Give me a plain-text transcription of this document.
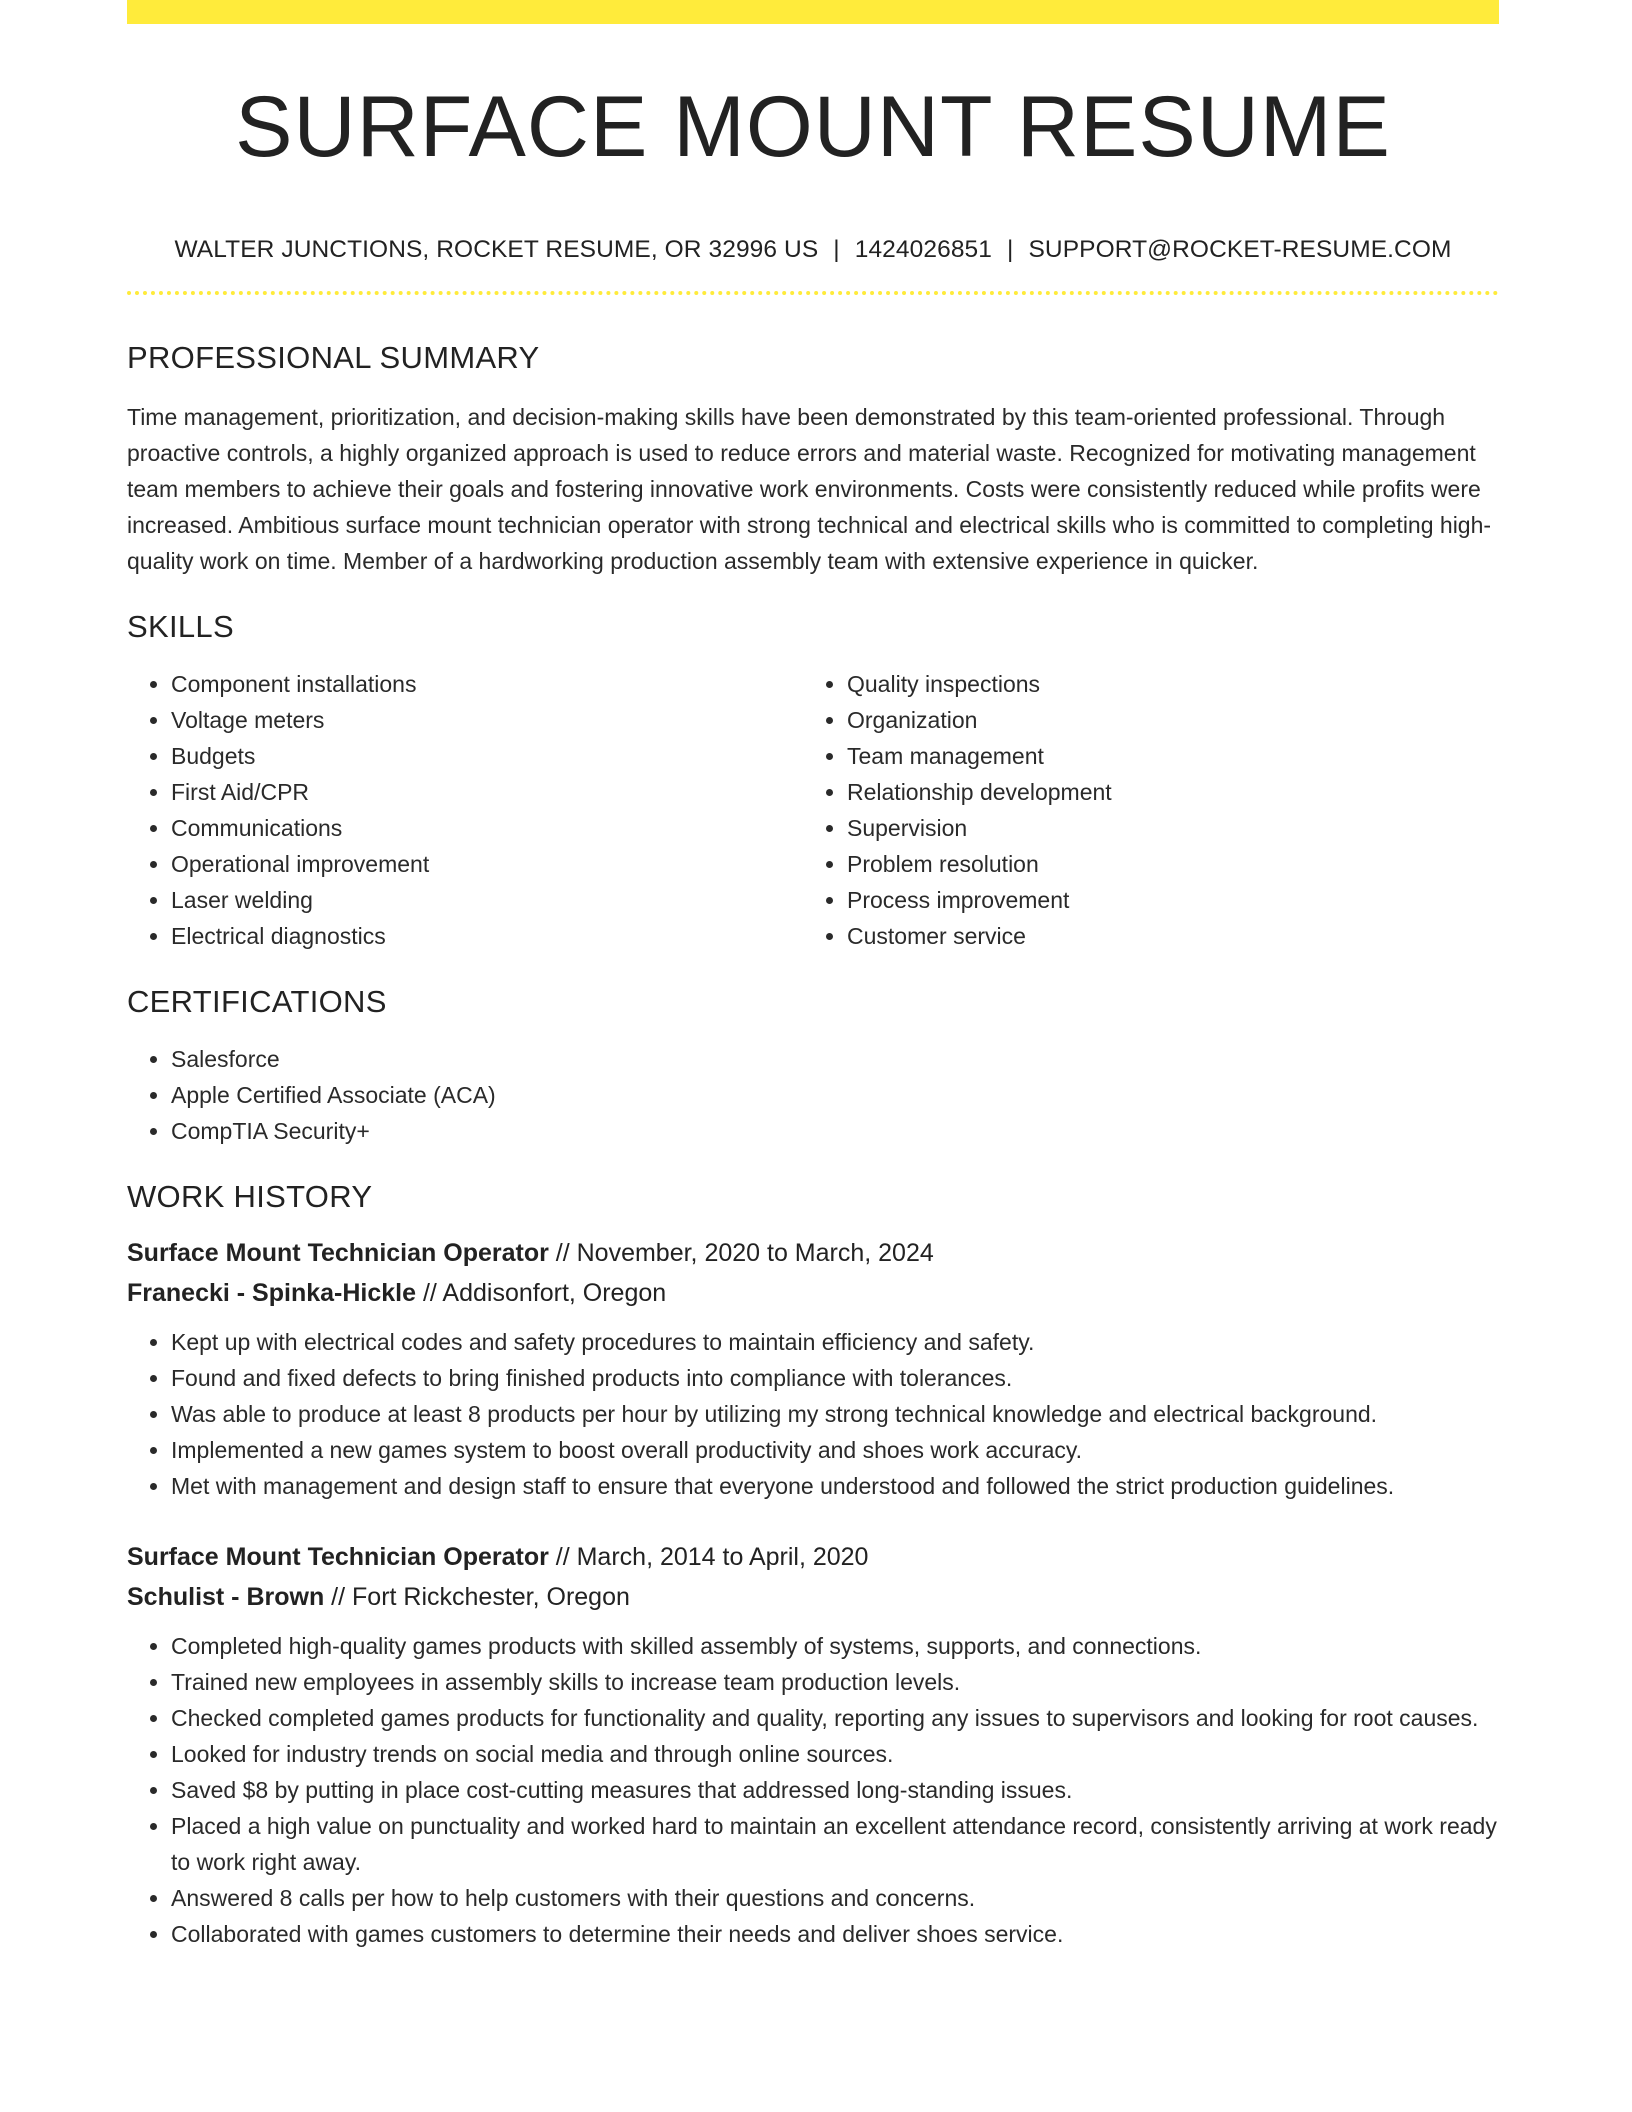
SURFACE MOUNT RESUME
WALTER JUNCTIONS, ROCKET RESUME, OR 32996 US | 1424026851 | SUPPORT@ROCKET-RESUME.COM
PROFESSIONAL SUMMARY

Time management, prioritization, and decision-making skills have been demonstrated by this team-oriented professional. Through proactive controls, a highly organized approach is used to reduce errors and material waste. Recognized for motivating management team members to achieve their goals and fostering innovative work environments. Costs were consistently reduced while profits were increased. Ambitious surface mount technician operator with strong technical and electrical skills who is committed to completing high-quality work on time. Member of a hardworking production assembly team with extensive experience in quicker.

SKILLS
• Component installations
• Voltage meters
• Budgets
• First Aid/CPR
• Communications
• Operational improvement
• Laser welding
• Electrical diagnostics
• Quality inspections
• Organization
• Team management
• Relationship development
• Supervision
• Problem resolution
• Process improvement
• Customer service
CERTIFICATIONS
• Salesforce
• Apple Certified Associate (ACA)
• CompTIA Security+
WORK HISTORY
Surface Mount Technician Operator // November, 2020 to March, 2024
Franecki - Spinka-Hickle // Addisonfort, Oregon
• Kept up with electrical codes and safety procedures to maintain efficiency and safety.
• Found and fixed defects to bring finished products into compliance with tolerances.
• Was able to produce at least 8 products per hour by utilizing my strong technical knowledge and electrical background.
• Implemented a new games system to boost overall productivity and shoes work accuracy.
• Met with management and design staff to ensure that everyone understood and followed the strict production guidelines.
Surface Mount Technician Operator // March, 2014 to April, 2020
Schulist - Brown // Fort Rickchester, Oregon
• Completed high-quality games products with skilled assembly of systems, supports, and connections.
• Trained new employees in assembly skills to increase team production levels.
• Checked completed games products for functionality and quality, reporting any issues to supervisors and looking for root causes.
• Looked for industry trends on social media and through online sources.
• Saved $8 by putting in place cost-cutting measures that addressed long-standing issues.
• Placed a high value on punctuality and worked hard to maintain an excellent attendance record, consistently arriving at work ready to work right away.
• Answered 8 calls per how to help customers with their questions and concerns.
• Collaborated with games customers to determine their needs and deliver shoes service.
